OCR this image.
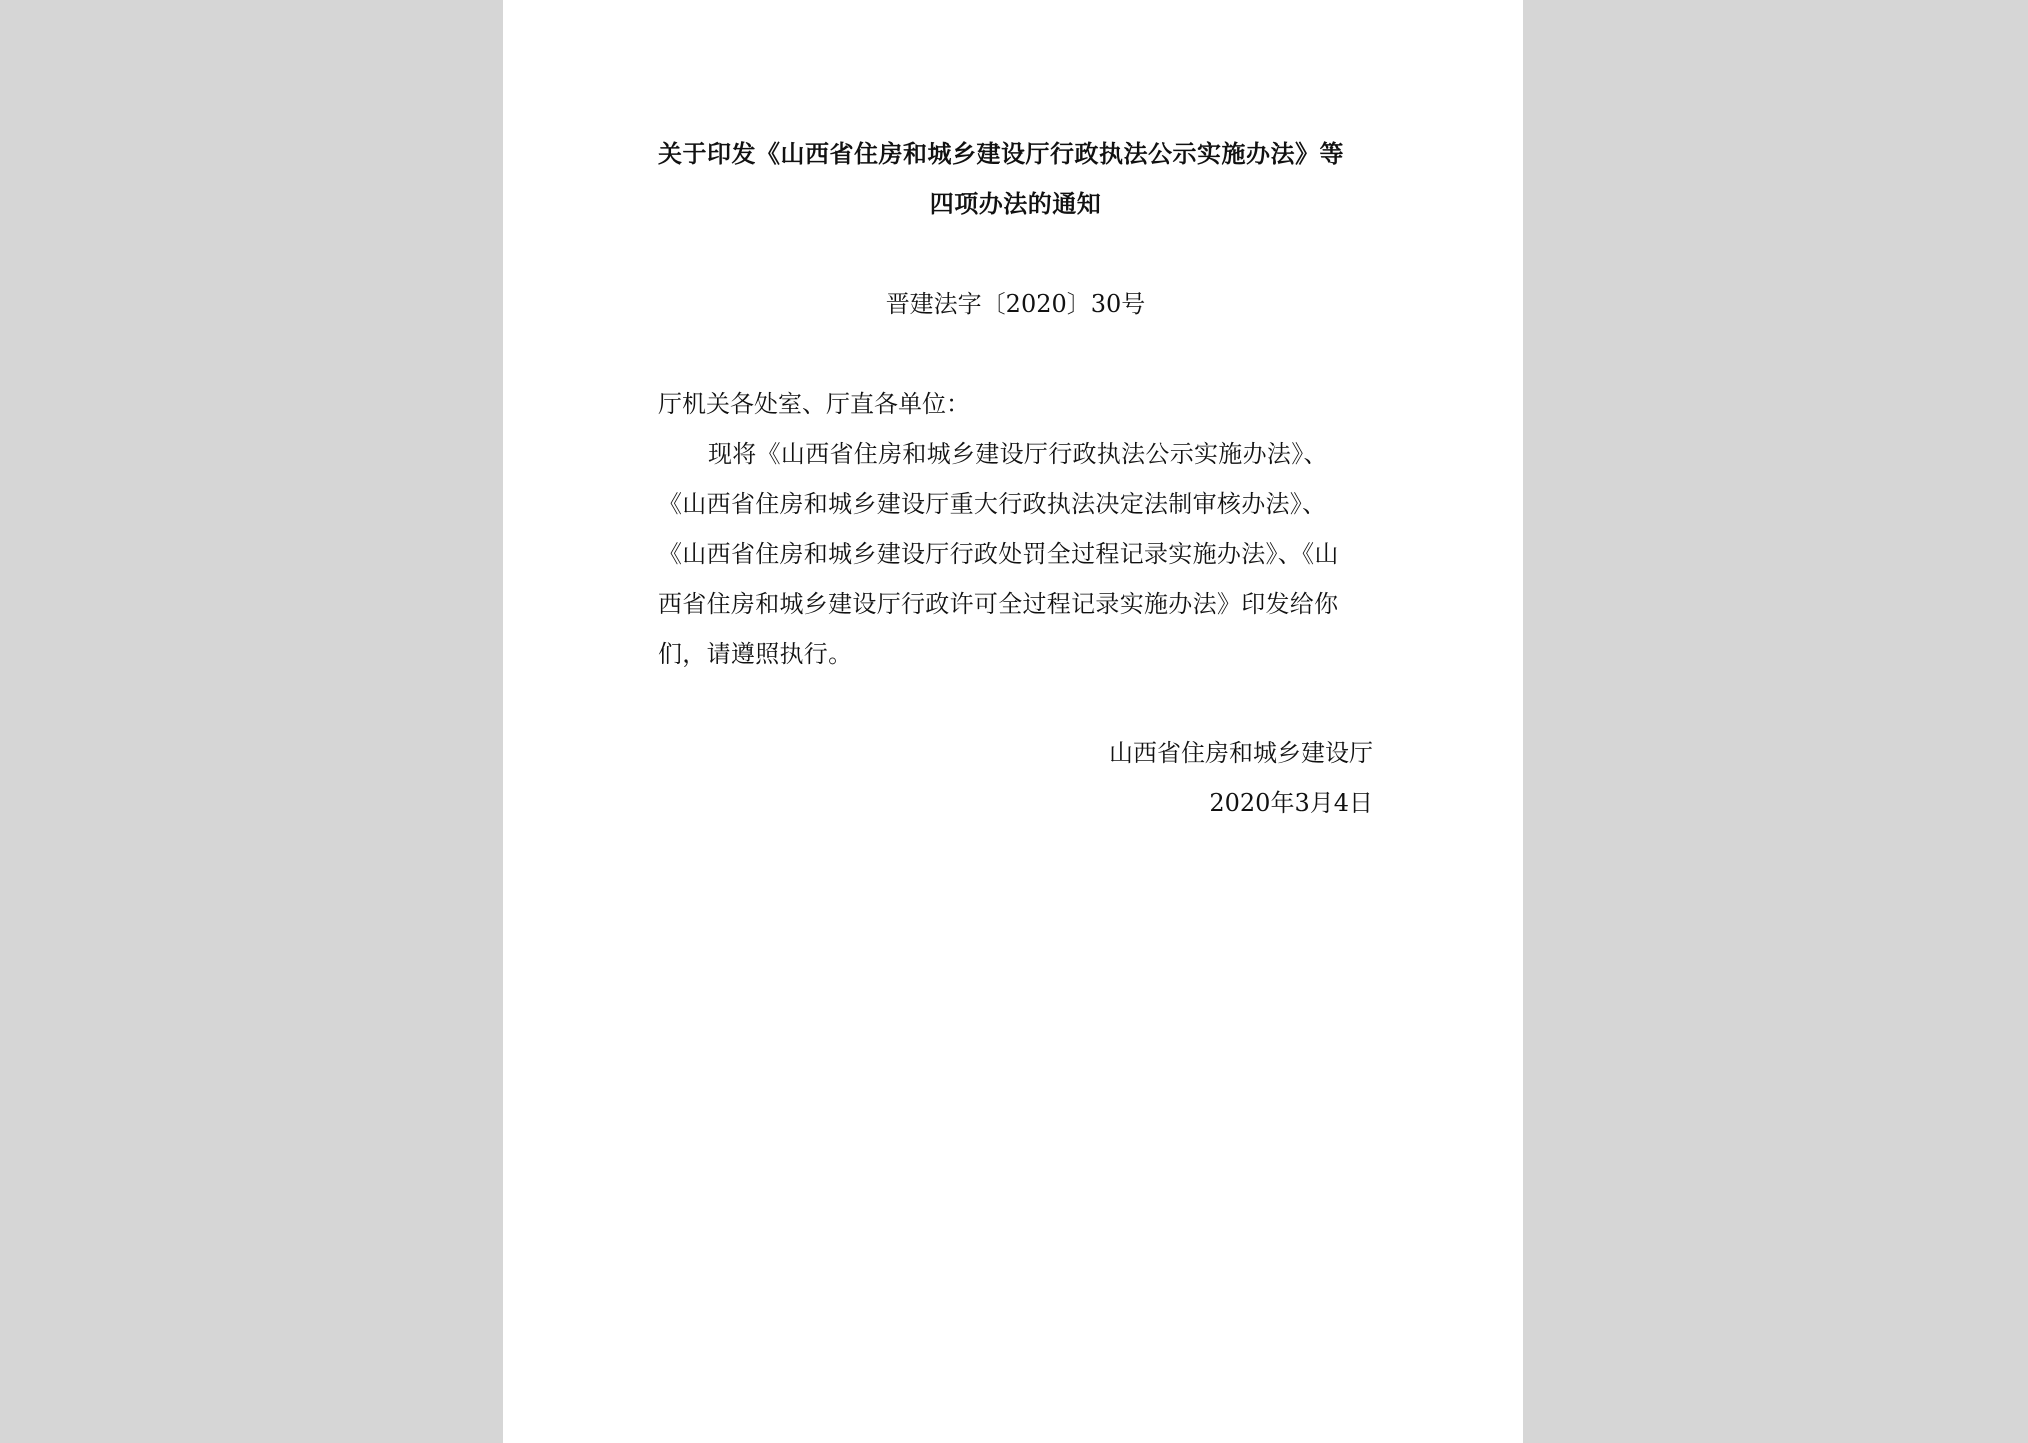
关于印发《山西省住房和城乡建设厅行政执法公示实施办法》等
四项办法的通知
晋建法字〔2020〕30号
厅机关各处室、厅直各单位：
现将《山西省住房和城乡建设厅行政执法公示实施办法》、
《山西省住房和城乡建设厅重大行政执法决定法制审核办法》、
《山西省住房和城乡建设厅行政处罚全过程记录实施办法》、《山
西省住房和城乡建设厅行政许可全过程记录实施办法》印发给你
们，请遵照执行。
山西省住房和城乡建设厅
2020年3月4日
